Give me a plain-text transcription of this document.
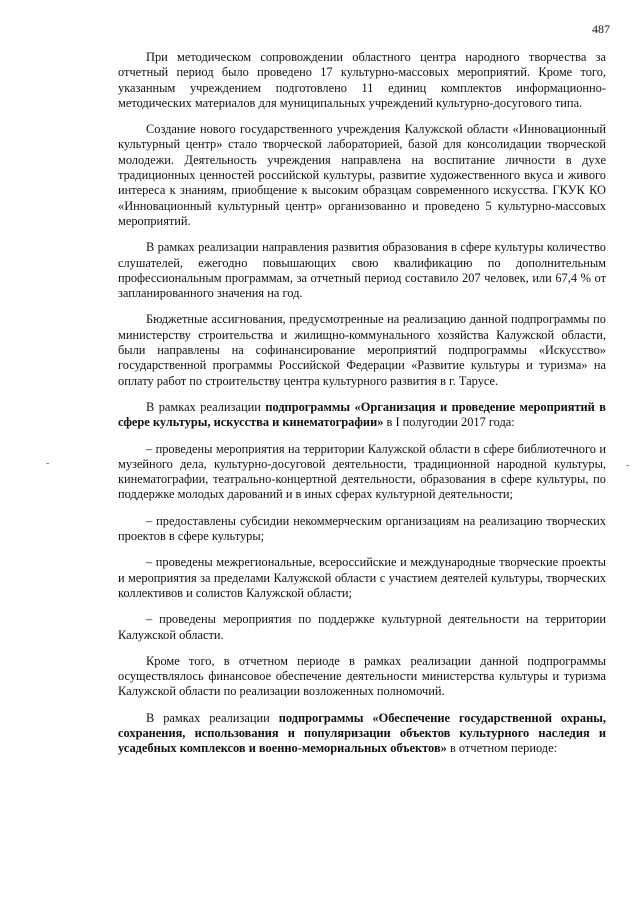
487

При методическом сопровождении областного центра народного творчества за отчетный период было проведено 17 культурно-массовых мероприятий. Кроме того, указанным учреждением подготовлено 11 единиц комплектов информационно-методических материалов для муниципальных учреждений культурно-досугового типа.

Создание нового государственного учреждения Калужской области «Инновационный культурный центр» стало творческой лабораторией, базой для консолидации творческой молодежи. Деятельность учреждения направлена на воспитание личности в духе традиционных ценностей российской культуры, развитие художественного вкуса и живого интереса к знаниям, приобщение к высоким образцам современного искусства. ГКУК КО «Инновационный культурный центр» организованно и проведено 5 культурно-массовых мероприятий.

В рамках реализации направления развития образования в сфере культуры количество слушателей, ежегодно повышающих свою квалификацию по дополнительным профессиональным программам, за отчетный период составило 207 человек, или 67,4 % от запланированного значения на год.

Бюджетные ассигнования, предусмотренные на реализацию данной подпрограммы по министерству строительства и жилищно-коммунального хозяйства Калужской области, были направлены на софинансирование мероприятий подпрограммы «Искусство» государственной программы Российской Федерации «Развитие культуры и туризма» на оплату работ по строительству центра культурного развития в г. Тарусе.

В рамках реализации подпрограммы «Организация и проведение мероприятий в сфере культуры, искусства и кинематографии» в I полугодии 2017 года:

– проведены мероприятия на территории Калужской области в сфере библиотечного и музейного дела, культурно-досуговой деятельности, традиционной народной культуры, кинематографии, театрально-концертной деятельности, образования в сфере культуры, по поддержке молодых дарований и в иных сферах культурной деятельности;

– предоставлены субсидии некоммерческим организациям на реализацию творческих проектов в сфере культуры;

– проведены межрегиональные, всероссийские и международные творческие проекты и мероприятия за пределами Калужской области с участием деятелей культуры, творческих коллективов и солистов Калужской области;

– проведены мероприятия по поддержке культурной деятельности на территории Калужской области.

Кроме того, в отчетном периоде в рамках реализации данной подпрограммы осуществлялось финансовое обеспечение деятельности министерства культуры и туризма Калужской области по реализации возложенных полномочий.

В рамках реализации подпрограммы «Обеспечение государственной охраны, сохранения, использования и популяризации объектов культурного наследия и усадебных комплексов и военно-мемориальных объектов» в отчетном периоде:

-	-
